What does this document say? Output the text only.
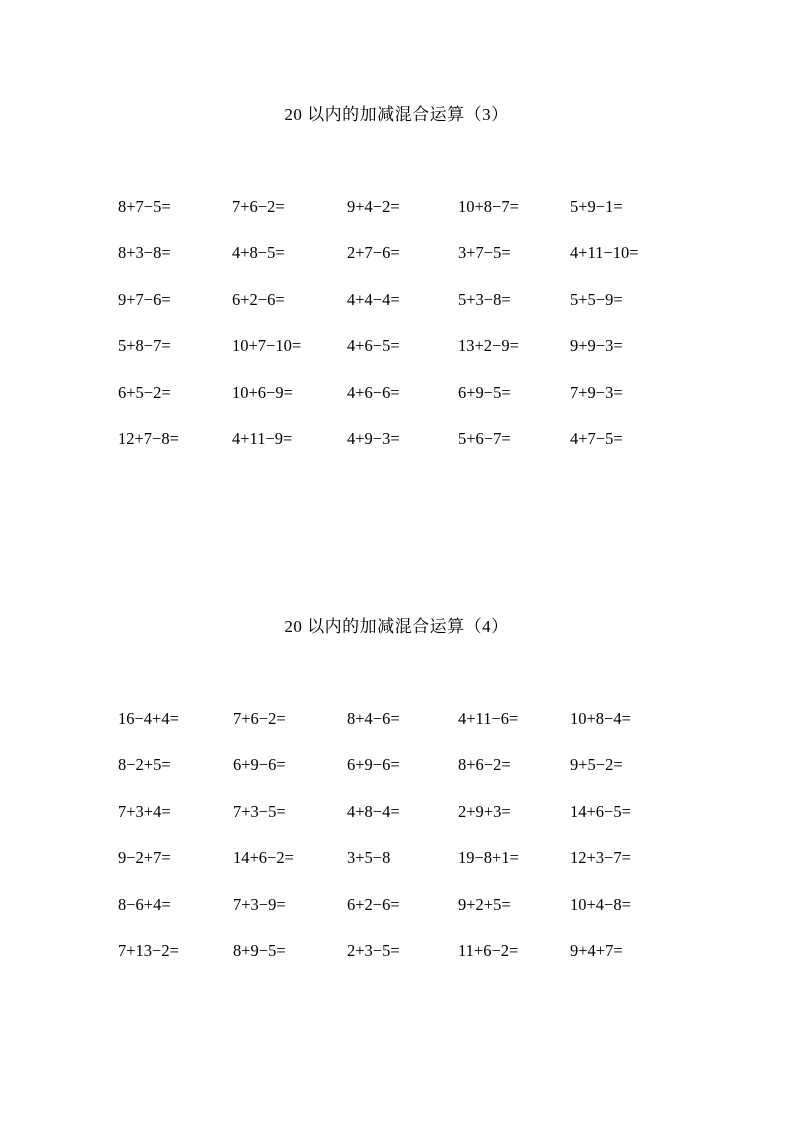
20 以内的加减混合运算（3）
8+7−5=	7+6−2=	9+4−2=	10+8−7=	5+9−1=
8+3−8=	4+8−5=	2+7−6=	3+7−5=	4+11−10=
9+7−6=	6+2−6=	4+4−4=	5+3−8=	5+5−9=
5+8−7=	10+7−10=	4+6−5=	13+2−9=	9+9−3=
6+5−2=	10+6−9=	4+6−6=	6+9−5=	7+9−3=
12+7−8=	4+11−9=	4+9−3=	5+6−7=	4+7−5=
20 以内的加减混合运算（4）
16−4+4=	7+6−2=	8+4−6=	4+11−6=	10+8−4=
8−2+5=	6+9−6=	6+9−6=	8+6−2=	9+5−2=
7+3+4=	7+3−5=	4+8−4=	2+9+3=	14+6−5=
9−2+7=	14+6−2=	3+5−8	19−8+1=	12+3−7=
8−6+4=	7+3−9=	6+2−6=	9+2+5=	10+4−8=
7+13−2=	8+9−5=	2+3−5=	11+6−2=	9+4+7=
